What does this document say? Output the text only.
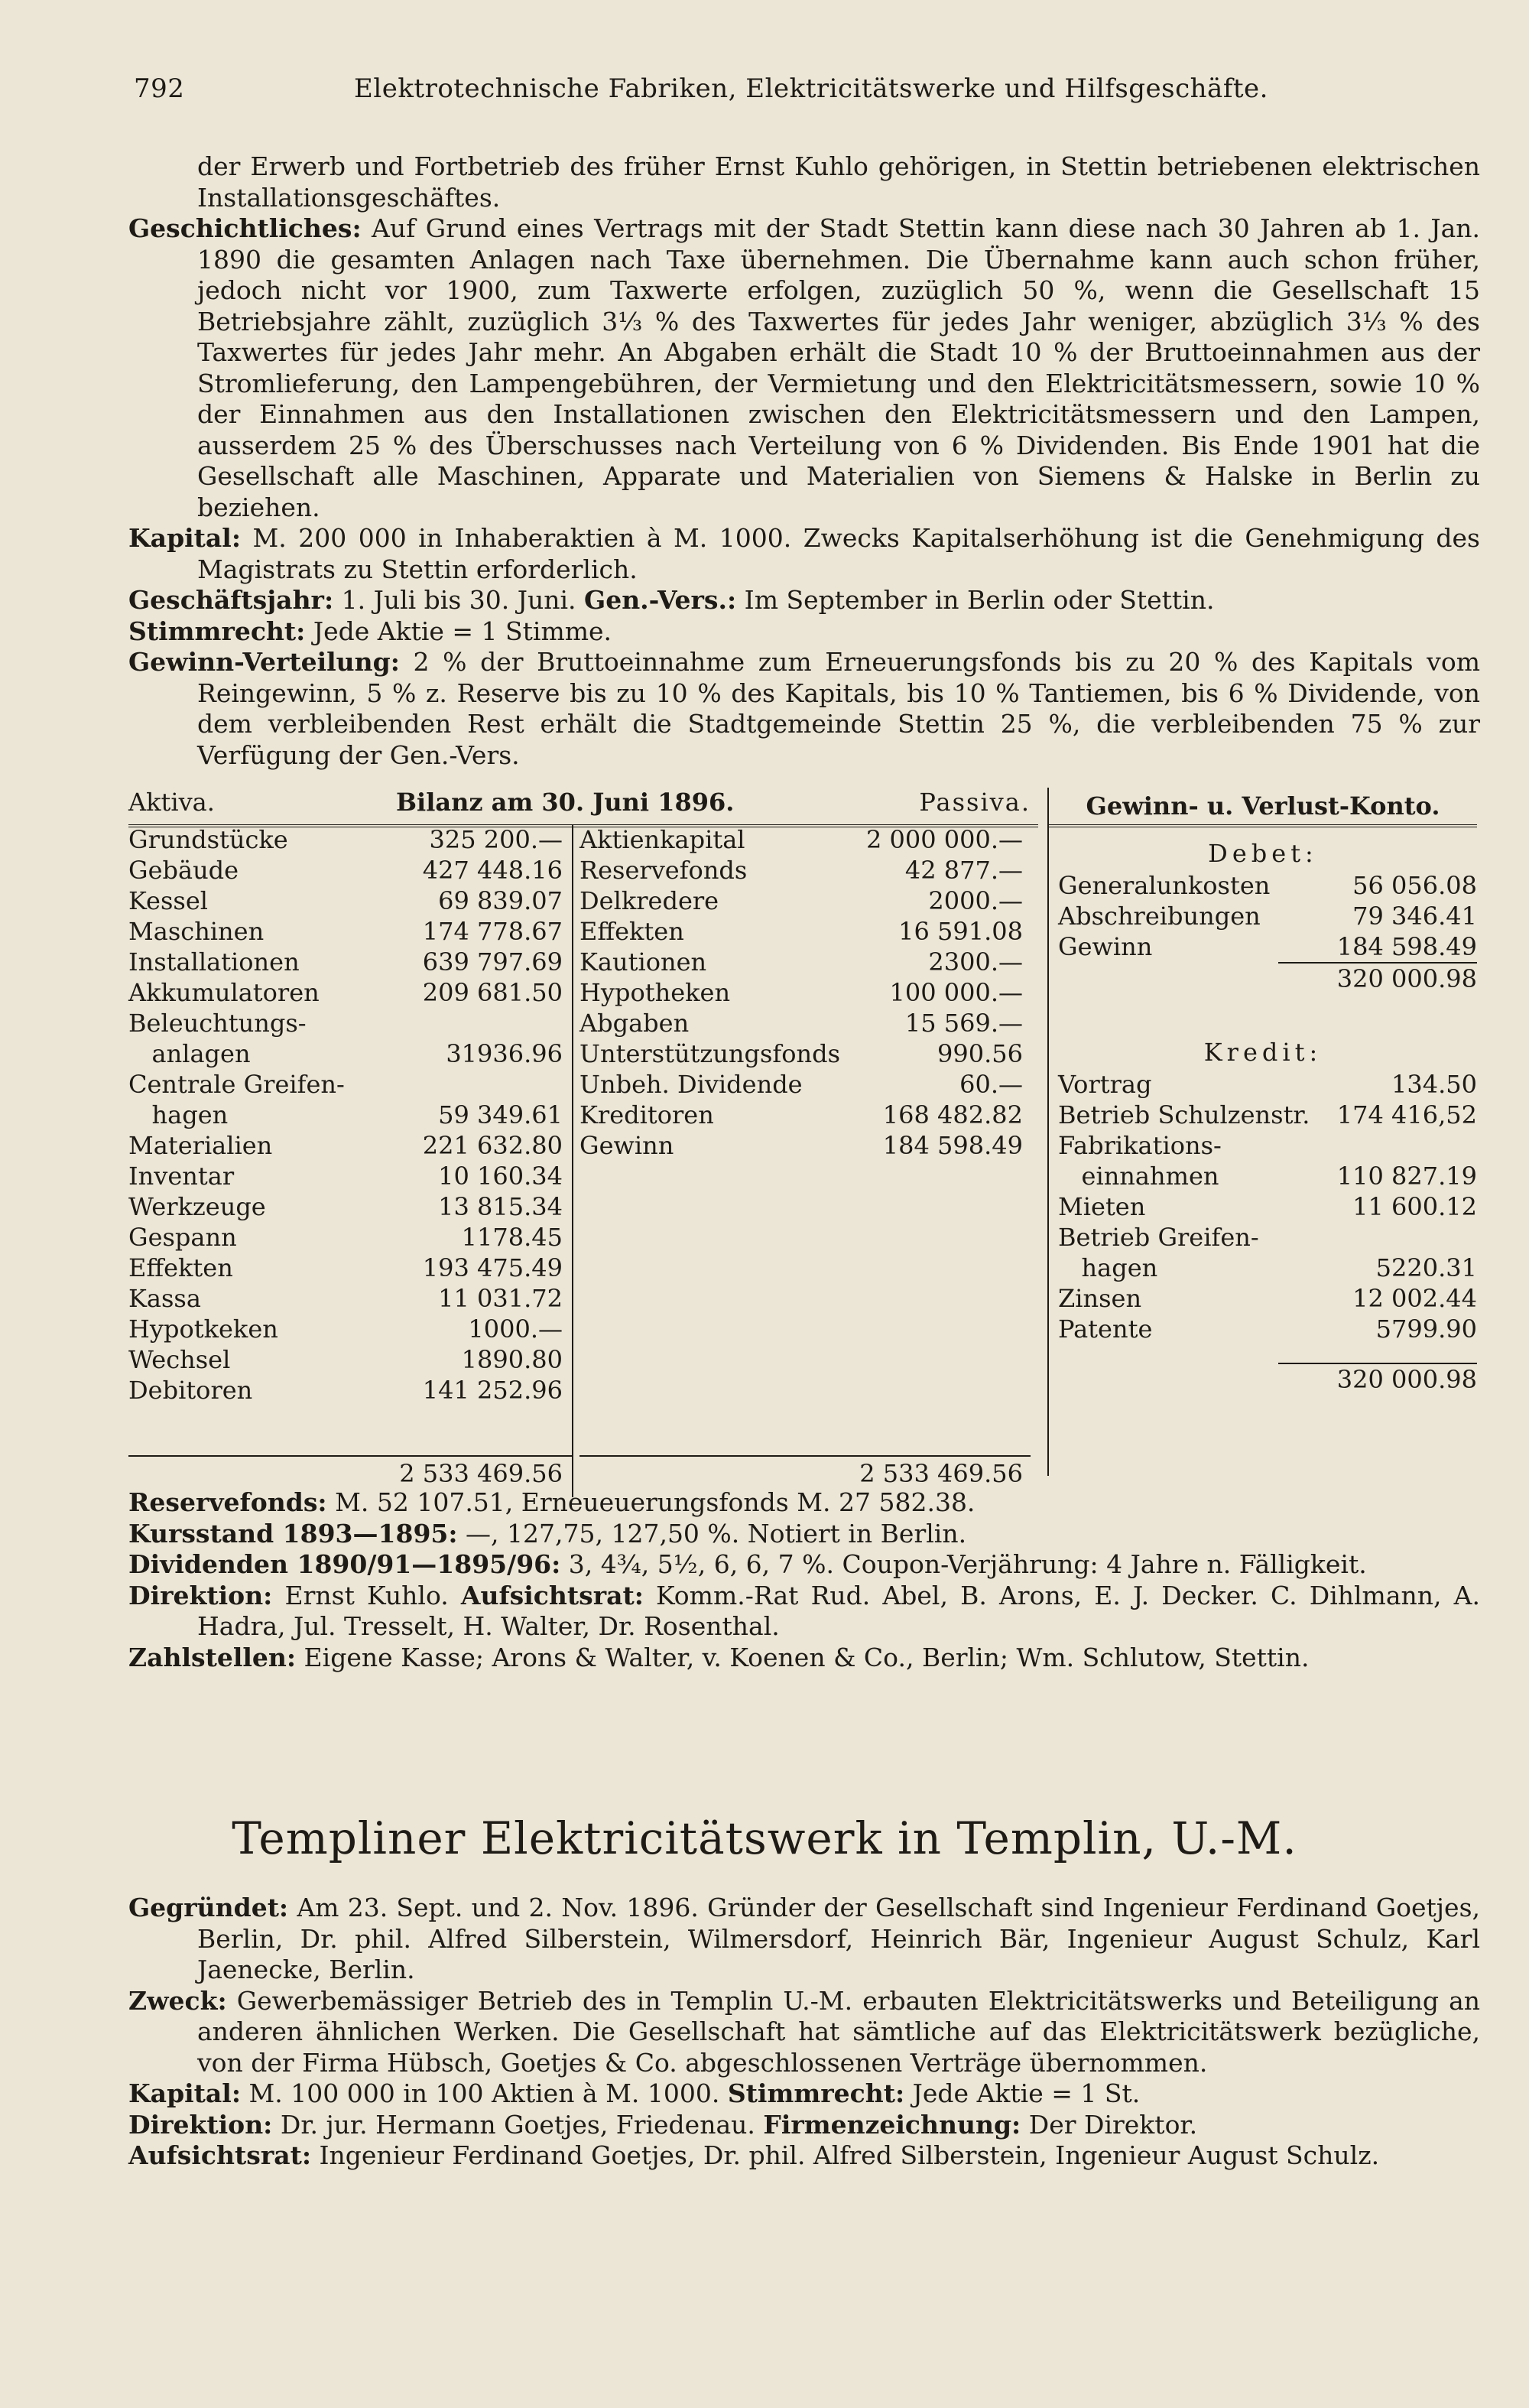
792	Elektrotechnische Fabriken, Elektricitätswerke und Hilfsgeschäfte.

der Erwerb und Fortbetrieb des früher Ernst Kuhlo gehörigen, in Stettin betriebenen elektrischen Installationsgeschäftes.

Geschichtliches: Auf Grund eines Vertrags mit der Stadt Stettin kann diese nach 30 Jahren ab 1. Jan. 1890 die gesamten Anlagen nach Taxe übernehmen. Die Übernahme kann auch schon früher, jedoch nicht vor 1900, zum Taxwerte erfolgen, zuzüglich 50 %, wenn die Gesellschaft 15 Betriebsjahre zählt, zuzüglich 3⅓ % des Taxwertes für jedes Jahr weniger, abzüglich 3⅓ % des Taxwertes für jedes Jahr mehr. An Abgaben erhält die Stadt 10 % der Bruttoeinnahmen aus der Stromlieferung, den Lampengebühren, der Vermietung und den Elektricitätsmessern, sowie 10 % der Einnahmen aus den Installationen zwischen den Elektricitätsmessern und den Lampen, ausserdem 25 % des Überschusses nach Verteilung von 6 % Dividenden. Bis Ende 1901 hat die Gesellschaft alle Maschinen, Apparate und Materialien von Siemens & Halske in Berlin zu beziehen.

Kapital: M. 200 000 in Inhaberaktien à M. 1000. Zwecks Kapitalserhöhung ist die Genehmigung des Magistrats zu Stettin erforderlich.

Geschäftsjahr: 1. Juli bis 30. Juni. Gen.-Vers.: Im September in Berlin oder Stettin.

Stimmrecht: Jede Aktie = 1 Stimme.

Gewinn-Verteilung: 2 % der Bruttoeinnahme zum Erneuerungsfonds bis zu 20 % des Kapitals vom Reingewinn, 5 % z. Reserve bis zu 10 % des Kapitals, bis 10 % Tantiemen, bis 6 % Dividende, von dem verbleibenden Rest erhält die Stadtgemeinde Stettin 25 %, die verbleibenden 75 % zur Verfügung der Gen.-Vers.

Aktiva.	Bilanz am 30. Juni 1896.	Passiva.
Grundstücke	325 200.—
Gebäude	427 448.16
Kessel	69 839.07
Maschinen	174 778.67
Installationen	639 797.69
Akkumulatoren	209 681.50
Beleuchtungs-
anlagen	31936.96
Centrale Greifen-
hagen	59 349.61
Materialien	221 632.80
Inventar	10 160.34
Werkzeuge	13 815.34
Gespann	1178.45
Effekten	193 475.49
Kassa	11 031.72
Hypotkeken	1000.—
Wechsel	1890.80
Debitoren	141 252.96
2 533 469.56
Aktienkapital	2 000 000.—
Reservefonds	42 877.—
Delkredere	2000.—
Effekten	16 591.08
Kautionen	2300.—
Hypotheken	100 000.—
Abgaben	15 569.—
Unterstützungsfonds	990.56
Unbeh. Dividende	60.—
Kreditoren	168 482.82
Gewinn	184 598.49
2 533 469.56
Gewinn- u. Verlust-Konto.
Debet:
Generalunkosten	56 056.08
Abschreibungen	79 346.41
Gewinn	184 598.49
320 000.98
Kredit:
Vortrag	134.50
Betrieb Schulzenstr. 174 416,52
Fabrikations-
einnahmen	110 827.19
Mieten	11 600.12
Betrieb Greifen-
hagen	5220.31
Zinsen	12 002.44
Patente	5799.90
320 000.98

Reservefonds: M. 52 107.51, Erneueuerungsfonds M. 27 582.38.

Kursstand 1893—1895: —, 127,75, 127,50 %. Notiert in Berlin.

Dividenden 1890/91—1895/96: 3, 4¾, 5½, 6, 6, 7 %. Coupon-Verjährung: 4 Jahre n. Fälligkeit.

Direktion: Ernst Kuhlo. Aufsichtsrat: Komm.-Rat Rud. Abel, B. Arons, E. J. Decker. C. Dihlmann, A. Hadra, Jul. Tresselt, H. Walter, Dr. Rosenthal.

Zahlstellen: Eigene Kasse; Arons & Walter, v. Koenen & Co., Berlin; Wm. Schlutow, Stettin.

Templiner Elektricitätswerk in Templin, U.-M.

Gegründet: Am 23. Sept. und 2. Nov. 1896. Gründer der Gesellschaft sind Ingenieur Ferdinand Goetjes, Berlin, Dr. phil. Alfred Silberstein, Wilmersdorf, Heinrich Bär, Ingenieur August Schulz, Karl Jaenecke, Berlin.

Zweck: Gewerbemässiger Betrieb des in Templin U.-M. erbauten Elektricitätswerks und Beteiligung an anderen ähnlichen Werken. Die Gesellschaft hat sämtliche auf das Elektricitätswerk bezügliche, von der Firma Hübsch, Goetjes & Co. abgeschlossenen Verträge übernommen.

Kapital: M. 100 000 in 100 Aktien à M. 1000. Stimmrecht: Jede Aktie = 1 St.

Direktion: Dr. jur. Hermann Goetjes, Friedenau. Firmenzeichnung: Der Direktor.

Aufsichtsrat: Ingenieur Ferdinand Goetjes, Dr. phil. Alfred Silberstein, Ingenieur August Schulz.
